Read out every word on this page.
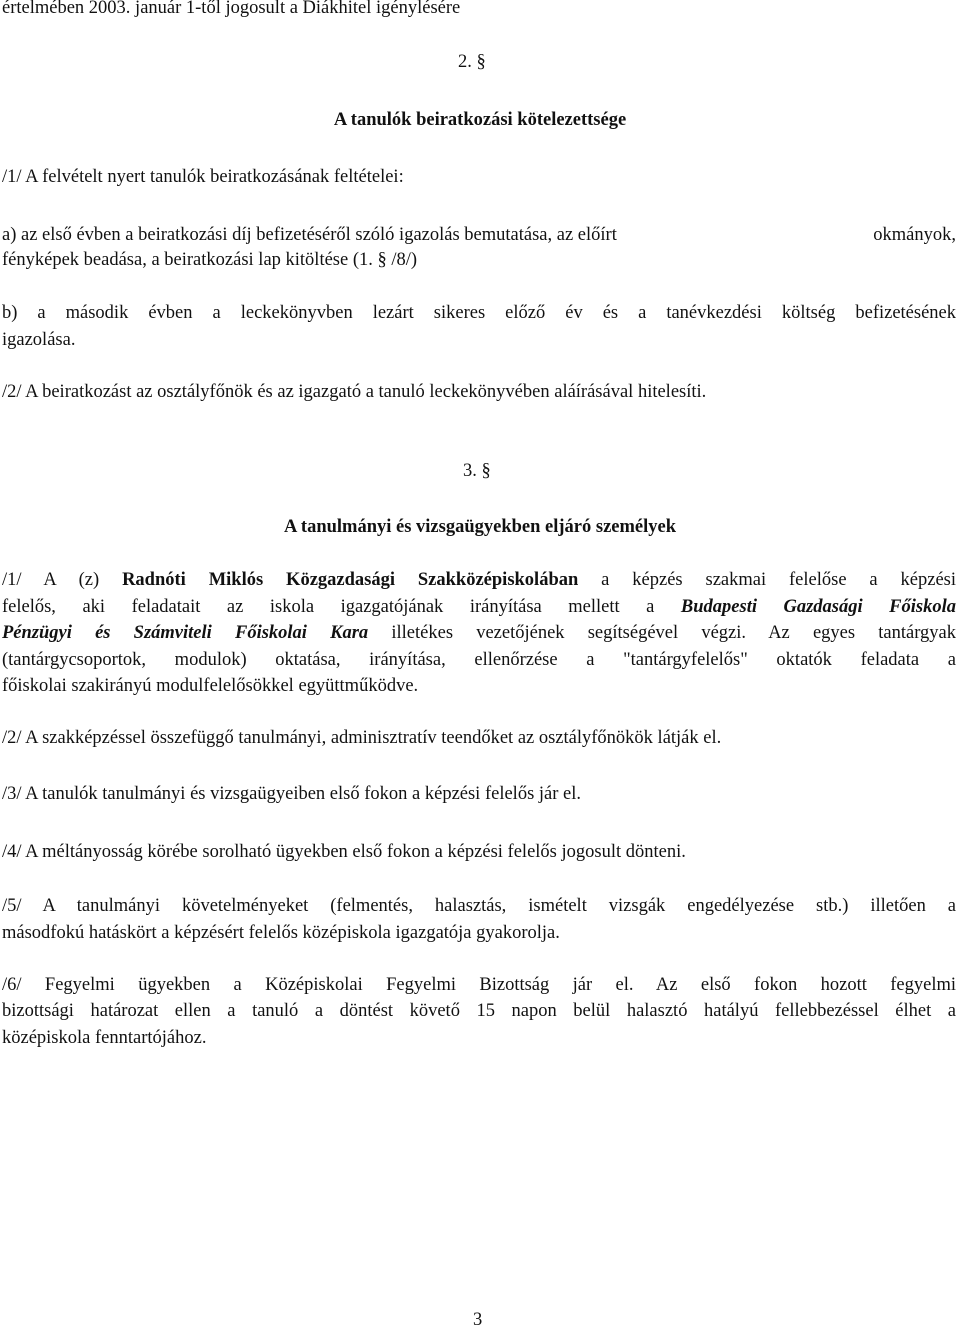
értelmében 2003. január 1-től jogosult a Diákhitel igénylésére
2. §
A tanulók beiratkozási kötelezettsége
/1/ A felvételt nyert tanulók beiratkozásának feltételei:
a) az első évben a beiratkozási díj befizetéséről szóló igazolás bemutatása, az előírt	okmányok,
fényképek beadása, a beiratkozási lap kitöltése (1. § /8/)
b) a második évben a leckekönyvben lezárt sikeres előző év és a tanévkezdési költség befizetésének
igazolása.
/2/ A beiratkozást az osztályfőnök és az igazgató a tanuló leckekönyvében aláírásával hitelesíti.
3. §
A tanulmányi és vizsgaügyekben eljáró személyek
/1/ A (z) Radnóti Miklós Közgazdasági Szakközépiskolában a képzés szakmai felelőse a képzési
felelős, aki feladatait az iskola igazgatójának irányítása mellett a Budapesti Gazdasági Főiskola
Pénzügyi és Számviteli Főiskolai Kara illetékes vezetőjének segítségével végzi. Az egyes tantárgyak
(tantárgycsoportok, modulok) oktatása, irányítása, ellenőrzése a "tantárgyfelelős" oktatók feladata a
főiskolai szakirányú modulfelelősökkel együttműködve.
/2/ A szakképzéssel összefüggő tanulmányi, adminisztratív teendőket az osztályfőnökök látják el.
/3/ A tanulók tanulmányi és vizsgaügyeiben első fokon a képzési felelős jár el.
/4/ A méltányosság körébe sorolható ügyekben első fokon a képzési felelős jogosult dönteni.
/5/ A tanulmányi követelményeket (felmentés, halasztás, ismételt vizsgák engedélyezése stb.) illetően a
másodfokú hatáskört a képzésért felelős középiskola igazgatója gyakorolja.
/6/ Fegyelmi ügyekben a Középiskolai Fegyelmi Bizottság jár el. Az első fokon hozott fegyelmi
bizottsági határozat ellen a tanuló a döntést követő 15 napon belül halasztó hatályú fellebbezéssel élhet a
középiskola fenntartójához.
3
